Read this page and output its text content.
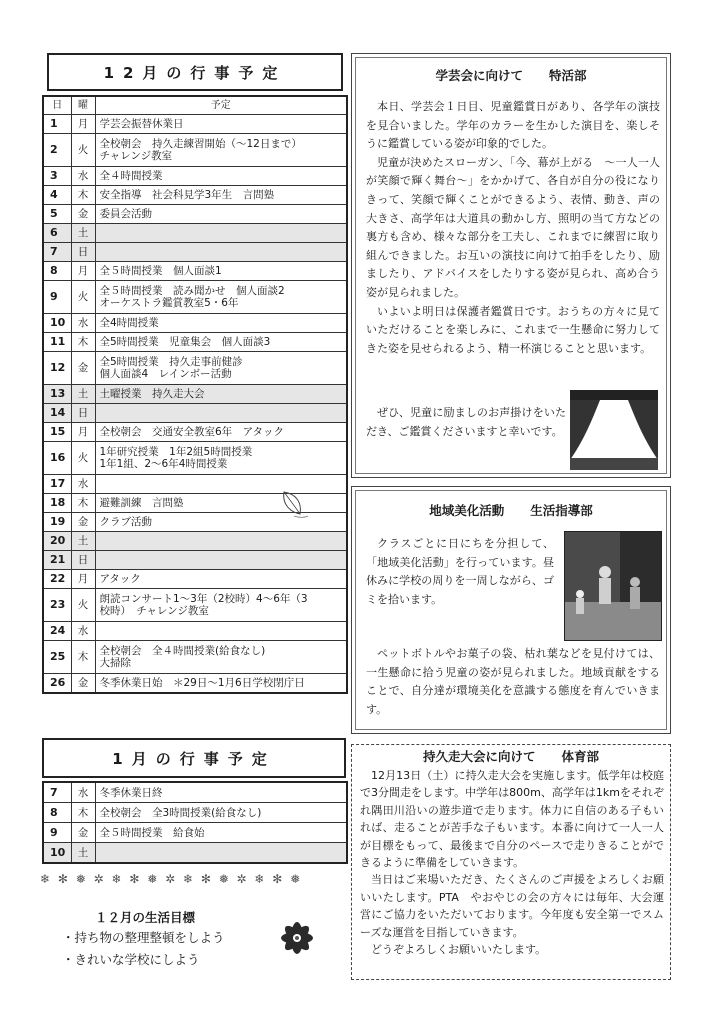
12月の行事予定
日	曜	予定
1	月	学芸会振替休業日

2	火	全校朝会　持久走練習開始（～12日まで）
チャレンジ教室

3	水	全４時間授業

4	木	安全指導　社会科見学3年生　言問塾

5	金	委員会活動

6	土	

7	日	

8	月	全５時間授業　個人面談1

9	火	全５時間授業　読み聞かせ　個人面談2
オーケストラ鑑賞教室5・6年

10	水	全4時間授業

11	木	全5時間授業　児童集会　個人面談3

12	金	全5時間授業　持久走事前健診
個人面談4　レインボー活動

13	土	土曜授業　持久走大会

14	日	

15	月	全校朝会　交通安全教室6年　アタック

16	火	1年研究授業　1年2組5時間授業
1年1組、2～6年4時間授業

17	水	

18	木	避難訓練　言問塾

19	金	クラブ活動

20	土	

21	日	

22	月	アタック

23	火	朗読コンサート1～3年（2校時）4～6年（3
校時）　チャレンジ教室

24	水	

25	木	全校朝会　全４時間授業(給食なし)
大掃除

26	金	冬季休業日始　＊29日～1月6日学校閉庁日
1月の行事予定
7	水	冬季休業日終

8	木	全校朝会　全3時間授業(給食なし)

9	金	全５時間授業　給食始

10	土	
❄ ✻ ❅ ✲ ❄ ✻ ❅ ✲ ❄ ✻ ❅ ✲ ❄ ✻ ❅
１２月の生活目標
・持ち物の整理整頓をしよう
・きれいな学校にしよう
学芸会に向けて 特活部

本日、学芸会１日目、児童鑑賞日があり、各学年の演技を見合いました。学年のカラーを生かした演目を、楽しそうに鑑賞している姿が印象的でした。

児童が決めたスローガン、「今、幕が上がる　～一人一人が笑顔で輝く舞台～」をかかげて、各自が自分の役になりきって、笑顔で輝くことができるよう、表情、動き、声の大きさ、高学年は大道具の動かし方、照明の当て方などの裏方も含め、様々な部分を工夫し、これまでに練習に取り組んできました。お互いの演技に向けて拍手をしたり、励ましたり、アドバイスをしたりする姿が見られ、高め合う姿が見られました。

いよいよ明日は保護者鑑賞日です。おうちの方々に見ていただけることを楽しみに、これまで一生懸命に努力してきた姿を見せられるよう、精一杯演じることと思います。

ぜひ、児童に励ましのお声掛けをいただき、ご鑑賞くださいますと幸いです。

地域美化活動 生活指導部

クラスごとに日にちを分担して、「地域美化活動」を行っています。昼休みに学校の周りを一周しながら、ゴミを拾います。

ペットボトルやお菓子の袋、枯れ葉などを見付けては、一生懸命に拾う児童の姿が見られました。地域貢献をすることで、自分達が環境美化を意識する態度を育んでいきます。

持久走大会に向けて 体育部

12月13日（土）に持久走大会を実施します。低学年は校庭で3分間走をします。中学年は800m、高学年は1kmをそれぞれ隅田川沿いの遊歩道で走ります。体力に自信のある子もいれば、走ることが苦手な子もいます。本番に向けて一人一人が目標をもって、最後まで自分のペースで走りきることができるように準備をしていきます。

当日はご来場いただき、たくさんのご声援をよろしくお願いいたします。PTA　やおやじの会の方々には毎年、大会運営にご協力をいただいております。今年度も安全第一でスムーズな運営を目指していきます。

どうぞよろしくお願いいたします。
